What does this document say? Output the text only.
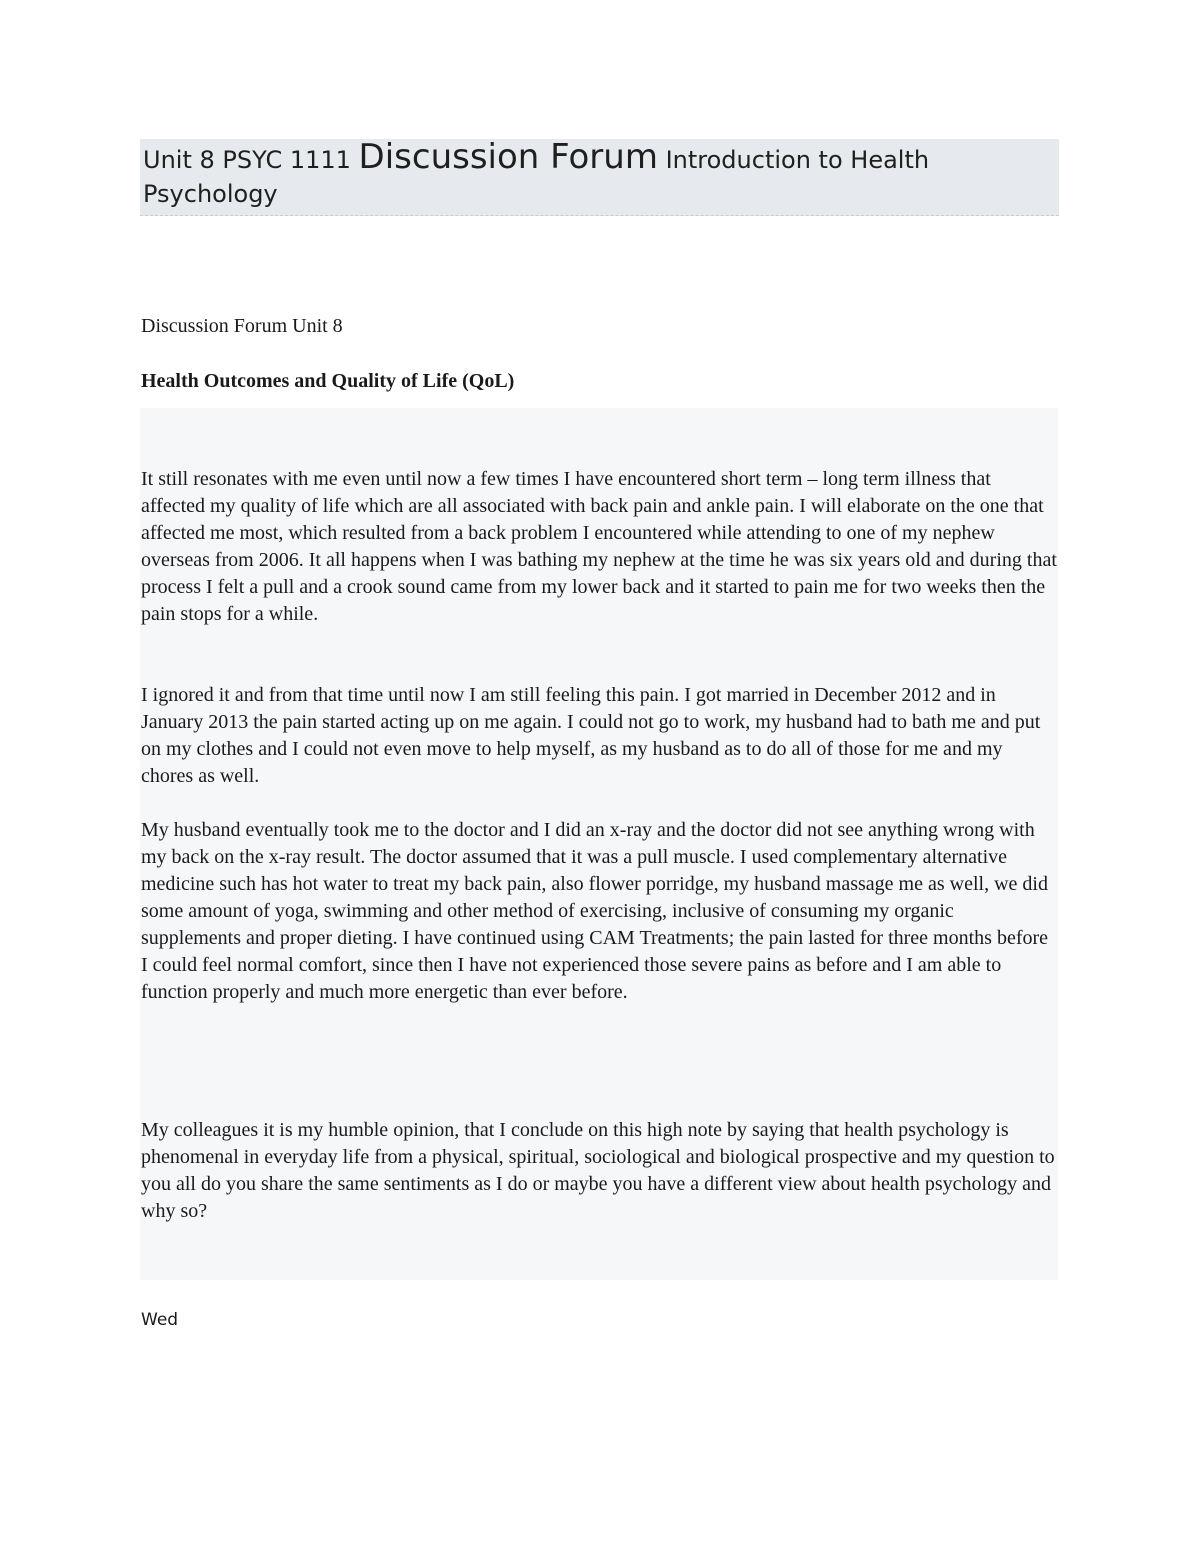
Unit 8 PSYC 1111 Discussion Forum Introduction to Health Psychology

Discussion Forum Unit 8

Health Outcomes and Quality of Life (QoL)

It still resonates with me even until now a few times I have encountered short term – long term illness that affected my quality of life which are all associated with back pain and ankle pain. I will elaborate on the one that affected me most, which resulted from a back problem I encountered while attending to one of my nephew overseas from 2006. It all happens when I was bathing my nephew at the time he was six years old and during that process I felt a pull and a crook sound came from my lower back and it started to pain me for two weeks then the pain stops for a while.

I ignored it and from that time until now I am still feeling this pain. I got married in December 2012 and in January 2013 the pain started acting up on me again. I could not go to work, my husband had to bath me and put on my clothes and I could not even move to help myself, as my husband as to do all of those for me and my chores as well.

My husband eventually took me to the doctor and I did an x-ray and the doctor did not see anything wrong with my back on the x-ray result. The doctor assumed that it was a pull muscle. I used complementary alternative medicine such has hot water to treat my back pain, also flower porridge, my husband massage me as well, we did some amount of yoga, swimming and other method of exercising, inclusive of consuming my organic supplements and proper dieting. I have continued using CAM Treatments; the pain lasted for three months before I could feel normal comfort, since then I have not experienced those severe pains as before and I am able to function properly and much more energetic than ever before.

My colleagues it is my humble opinion, that I conclude on this high note by saying that health psychology is phenomenal in everyday life from a physical, spiritual, sociological and biological prospective and my question to you all do you share the same sentiments as I do or maybe you have a different view about health psychology and why so?

Wed
